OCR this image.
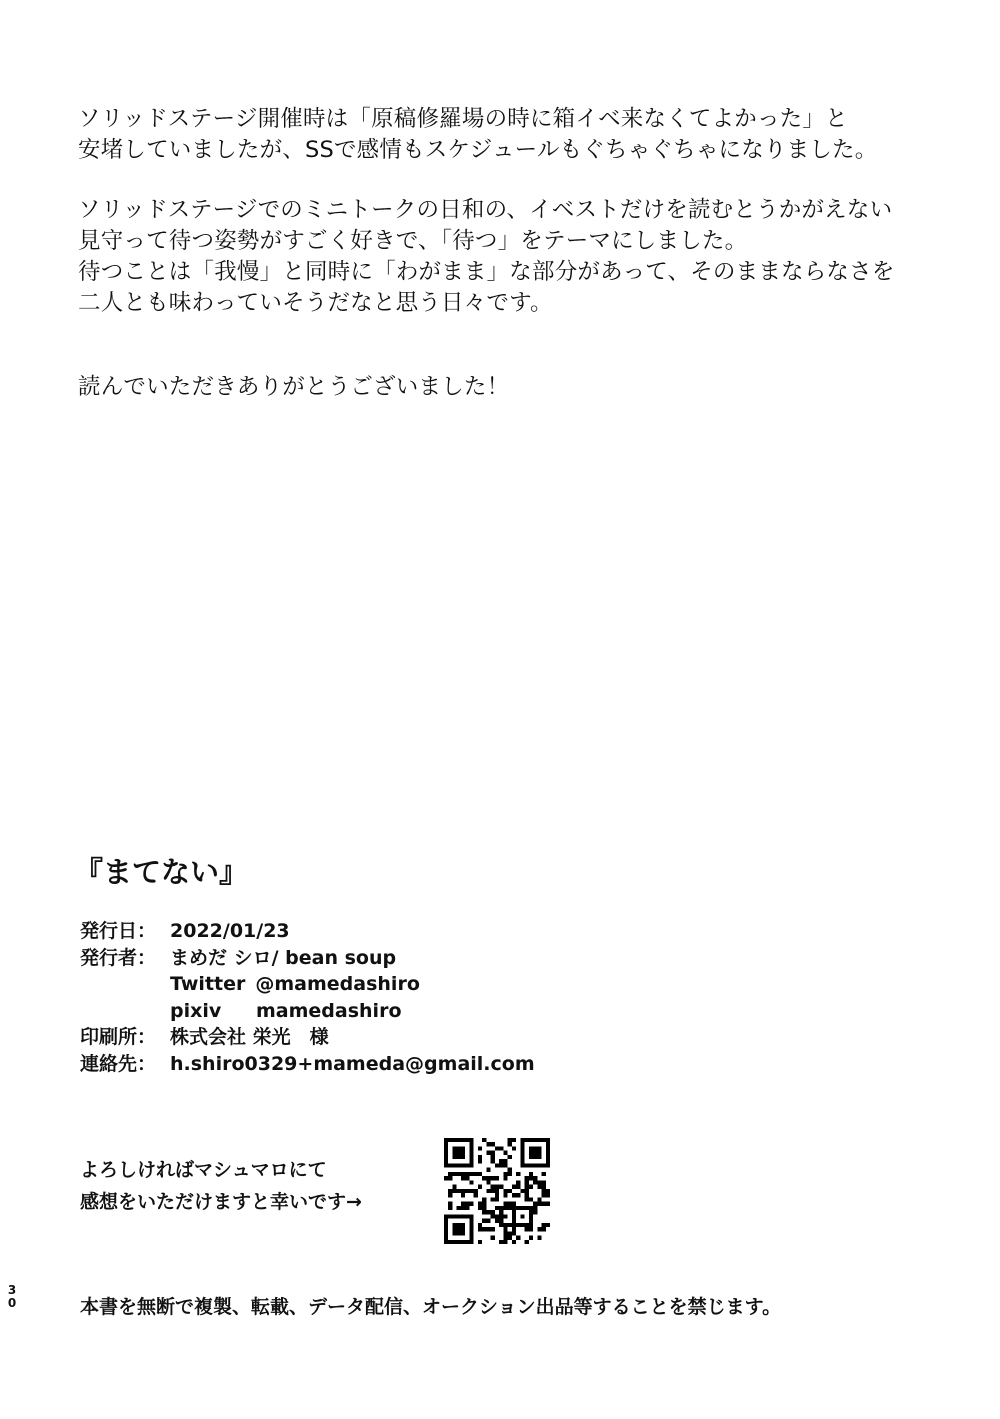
ソリッドステージ開催時は「原稿修羅場の時に箱イベ来なくてよかった」と

安堵していましたが、SSで感情もスケジュールもぐちゃぐちゃになりました。

ソリッドステージでのミニトークの日和の、イベストだけを読むとうかがえない

見守って待つ姿勢がすごく好きで、「待つ」をテーマにしました。

待つことは「我慢」と同時に「わがまま」な部分があって、そのままならなさを

二人とも味わっていそうだなと思う日々です。

読んでいただきありがとうございました！

『まてない』
発行日： 2022/01/23
発行者： まめだ シロ/ bean soup
Twitter @mamedashiro
pixiv	mamedashiro
印刷所： 株式会社 栄光　様
連絡先： h.shiro0329+mameda@gmail.com

よろしければマシュマロにて

感想をいただけますと幸いです→

3
0	本書を無断で複製、転載、データ配信、オークション出品等することを禁じます。
